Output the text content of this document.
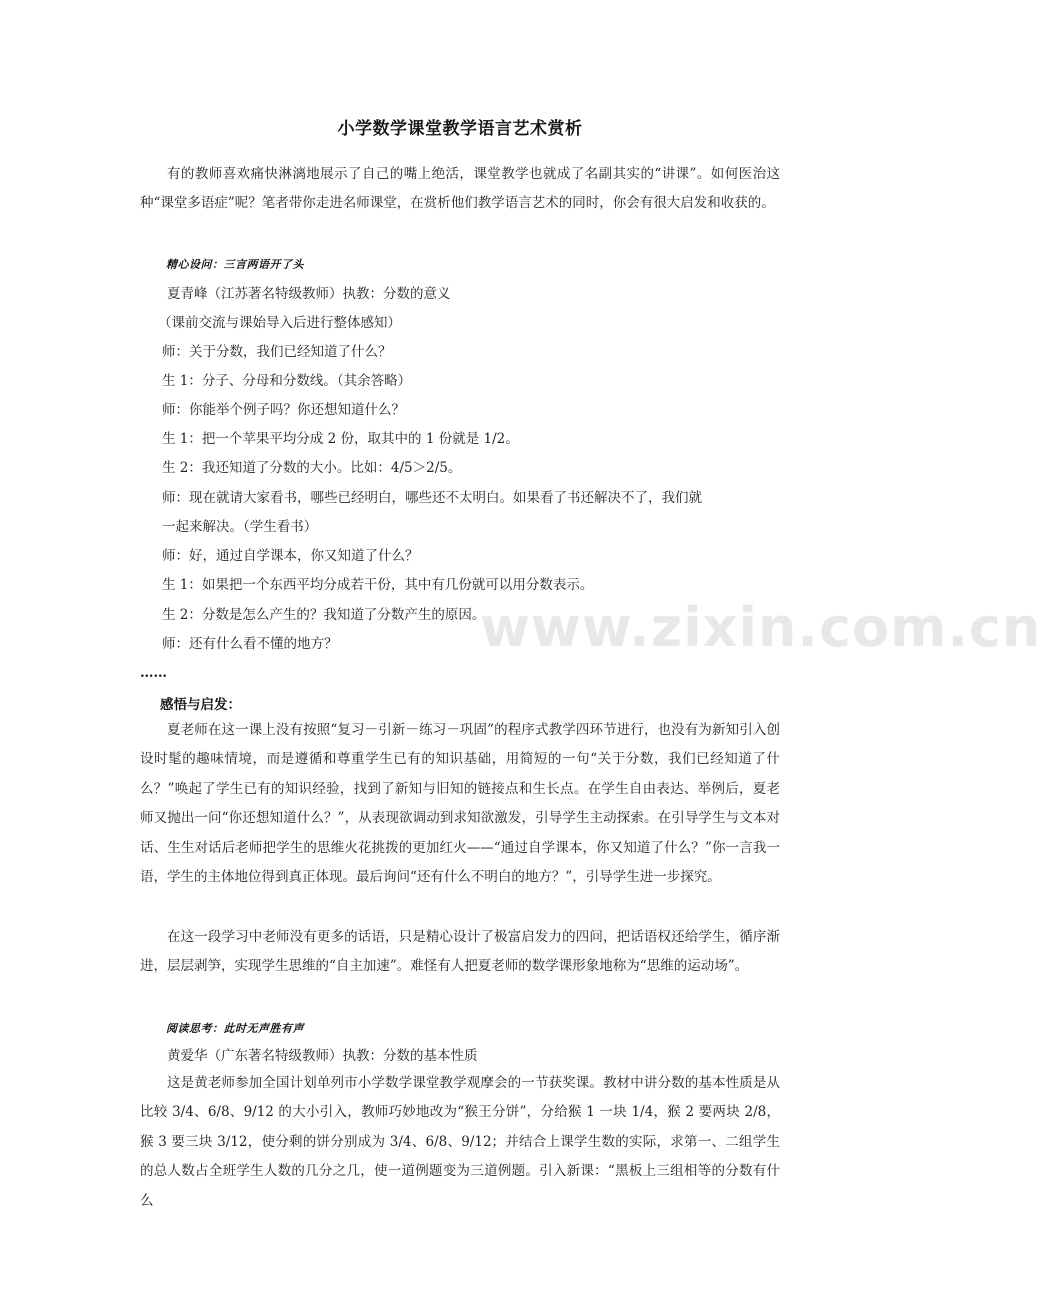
小学数学课堂教学语言艺术赏析

有的教师喜欢痛快淋漓地展示了自己的嘴上绝活，课堂教学也就成了名副其实的“讲课”。如何医治这种“课堂多语症”呢？笔者带你走进名师课堂，在赏析他们教学语言艺术的同时，你会有很大启发和收获的。

精心设问：三言两语开了头
夏青峰（江苏著名特级教师）执教：分数的意义
（课前交流与课始导入后进行整体感知）
师：关于分数，我们已经知道了什么？
生 1：分子、分母和分数线。（其余答略）
师：你能举个例子吗？你还想知道什么？
生 1：把一个苹果平均分成 2 份，取其中的 1 份就是 1/2。
生 2：我还知道了分数的大小。比如：4/5＞2/5。
师：现在就请大家看书，哪些已经明白，哪些还不太明白。如果看了书还解决不了，我们就
一起来解决。（学生看书）
师：好，通过自学课本，你又知道了什么？
生 1：如果把一个东西平均分成若干份，其中有几份就可以用分数表示。
生 2：分数是怎么产生的？我知道了分数产生的原因。
师：还有什么看不懂的地方？
……
感悟与启发：

夏老师在这一课上没有按照“复习－引新－练习－巩固”的程序式教学四环节进行，也没有为新知引入创设时髦的趣味情境，而是遵循和尊重学生已有的知识基础，用简短的一句“关于分数，我们已经知道了什么？”唤起了学生已有的知识经验，找到了新知与旧知的链接点和生长点。在学生自由表达、举例后，夏老师又抛出一问“你还想知道什么？”，从表现欲调动到求知欲激发，引导学生主动探索。在引导学生与文本对话、生生对话后老师把学生的思维火花挑拨的更加红火——“通过自学课本，你又知道了什么？”你一言我一语，学生的主体地位得到真正体现。最后询问“还有什么不明白的地方？”，引导学生进一步探究。

在这一段学习中老师没有更多的话语，只是精心设计了极富启发力的四问，把话语权还给学生，循序渐进，层层剥笋，实现学生思维的“自主加速”。难怪有人把夏老师的数学课形象地称为“思维的运动场”。

阅读思考：此时无声胜有声
黄爱华（广东著名特级教师）执教：分数的基本性质

这是黄老师参加全国计划单列市小学数学课堂教学观摩会的一节获奖课。教材中讲分数的基本性质是从比较 3/4、6/8、9/12 的大小引入，教师巧妙地改为“猴王分饼”，分给猴 1 一块 1/4，猴 2 要两块 2/8，猴 3 要三块 3/12，使分剩的饼分别成为 3/4、6/8、9/12；并结合上课学生数的实际，求第一、二组学生的总人数占全班学生人数的几分之几，使一道例题变为三道例题。引入新课：“黑板上三组相等的分数有什么

www.zixin.com.cn
